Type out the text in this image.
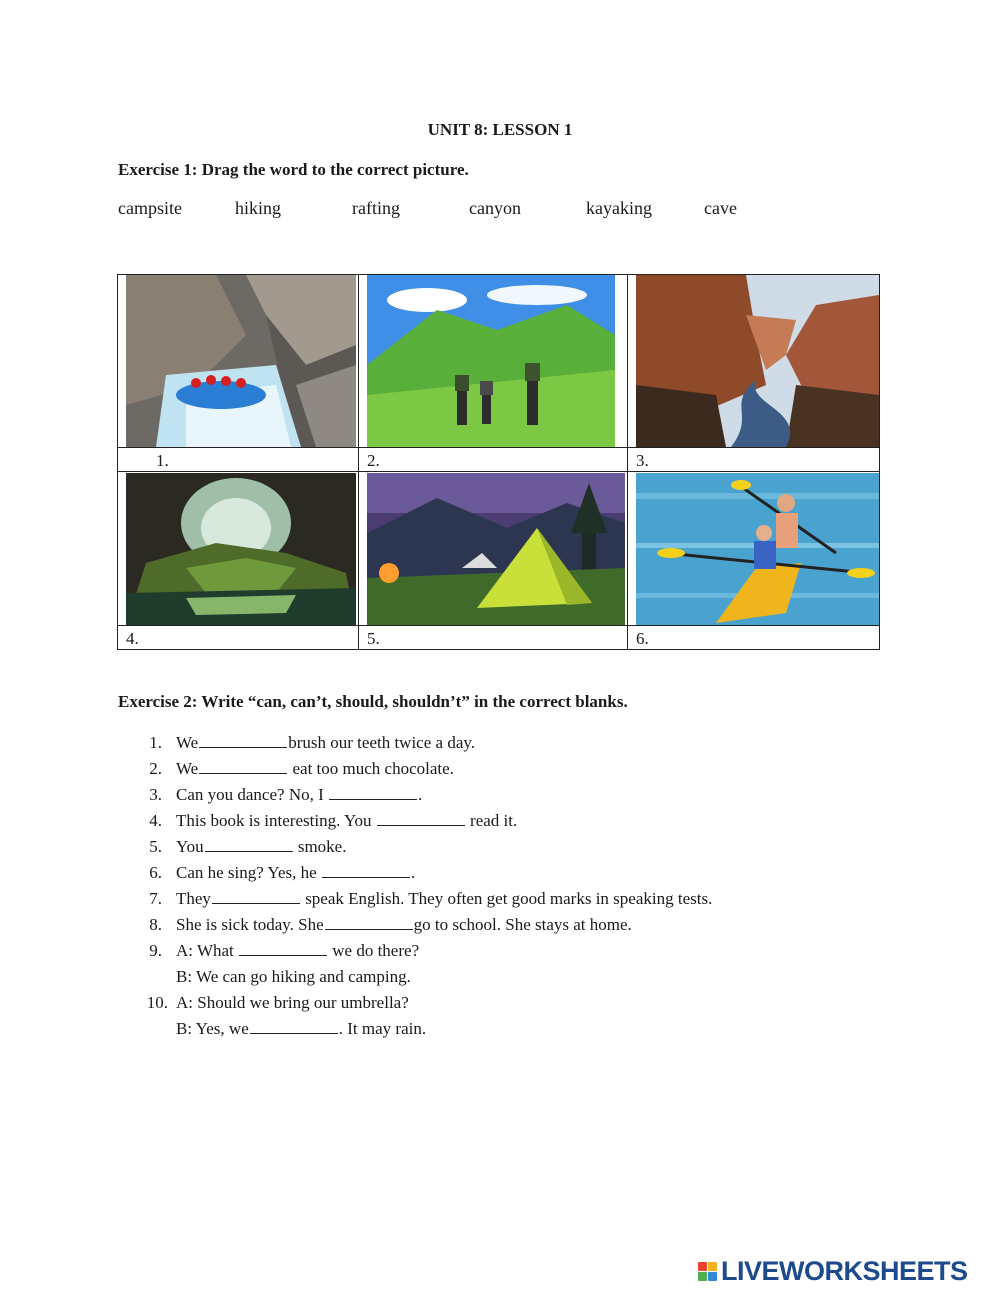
UNIT 8: LESSON 1
Exercise 1: Drag the word to the correct picture.
campsite	hiking	rafting	canyon	kayaking	cave
1.	2.	3.
4.	5.	6.
Exercise 2: Write “can, can’t, should, shouldn’t” in the correct blanks.
1. We	brush our teeth twice a day.
2. We	eat too much chocolate.
3. Can you dance? No, I	.
4. This book is interesting. You	read it.
5. You	smoke.
6. Can he sing? Yes, he	.
7. They	speak English. They often get good marks in speaking tests.
8. She is sick today. She	go to school. She stays at home.
9. A: What	we do there?
B: We can go hiking and camping.
10. A: Should we bring our umbrella?
B: Yes, we	. It may rain.
LIVEWORKSHEETS
